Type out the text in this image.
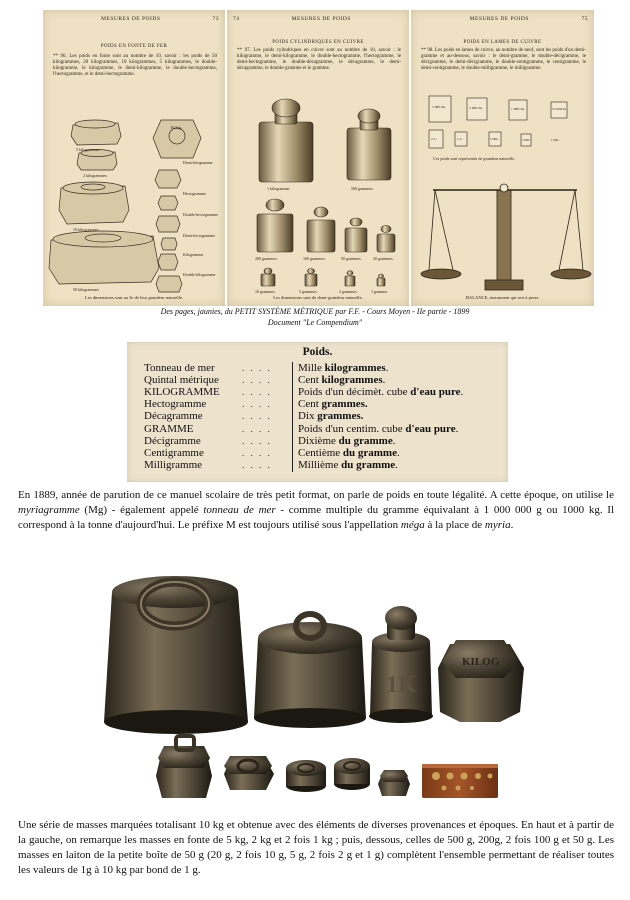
MESURES DE POIDS	73
POIDS EN FONTE DE FER
** 96. Les poids en fonte sont au nombre de 10, savoir : les poids de 50 kilogrammes, 20 kilogrammes, 10 kilogrammes, 5 kilogrammes, le double-kilogramme, le kilogramme, le demi-kilogramme, le double-hectogramme, l'hectogramme, et le demi-hectogramme.
5 kilogrammes
2 kilogrammes
10 kilogrammes
50 kilogrammes
Kilog.
Demi-kilogramme
Hectogramme
Double-hectogramme
Demi-hectogramme
Kilogramme
Double-kilogramme
Les dimensions sont au 5e de leur grandeur naturelle.
74	MESURES DE POIDS
POIDS CYLINDRIQUES EN CUIVRE
** 97. Les poids cylindriques en cuivre sont au nombre de 10, savoir : le kilogramme, le demi-kilogramme, le double-hectogramme, l'hectogramme, le demi-hectogramme, le double-décagramme, le décagramme, le demi-décagramme, le double-gramme et le gramme.
1 kilogramme.	500 grammes.
200 grammes.	100 grammes.	50 grammes.	20 grammes.
10 grammes.	5 grammes.	2 grammes.	1 gramme.
Les dimensions sont de demi-grandeur naturelle.
MESURES DE POIDS	75
POIDS EN LAMES DE CUIVRE
** 98. Les poids en lames de cuivre, au nombre de neuf, sont les poids d'un demi-gramme et au-dessous, savoir : le demi-gramme, le double-décigramme, le décigramme, le demi-décigramme, le double-centigramme, le centigramme, le demi-centigramme, le double-milligramme, le milligramme.
5 DÉCIG.	2 DÉCIG.	1 DÉCIG.	5 CENTIG.
2 C.	1 C.	5 MIL.	2 MIL.	1 MIL.
Ces poids sont représentés de grandeur naturelle.
BALANCE, instrument qui sert à peser.
Des pages, jaunies, du PETIT SYSTÈME MÉTRIQUE par F.F. - Cours Moyen - IIe partie - 1899
Document "Le Compendium"
Poids.
Tonneau de mer	. . . .	Mille kilogrammes.
Quintal métrique	. . . .	Cent kilogrammes.
KILOGRAMME	. . . .	Poids d'un décimèt. cube d'eau pure.
Hectogramme	. . . .	Cent grammes.
Décagramme	. . . .	Dix grammes.
GRAMME	. . . .	Poids d'un centim. cube d'eau pure.
Décigramme	. . . .	Dixième du gramme.
Centigramme	. . . .	Centième du gramme.
Milligramme	. . . .	Millième du gramme.

En 1889, année de parution de ce manuel scolaire de très petit format, on parle de poids en toute légalité. A cette époque, on utilise le myriagramme (Mg) - également appelé tonneau de mer - comme multiple du gramme équivalant à 1 000 000 g ou 1000 kg. Il correspond à la tonne d'aujourd'hui. Le préfixe M est toujours utilisé sous l'appellation méga à la place de myria.

1K
KILOG

Une série de masses marquées totalisant 10 kg et obtenue avec des éléments de diverses provenances et époques. En haut et à partir de la gauche, on remarque les masses en fonte de 5 kg, 2 kg et 2 fois 1 kg ; puis, dessous, celles de 500 g, 200g, 2 fois 100 g et 50 g. Les masses en laiton de la petite boîte de 50 g (20 g, 2 fois 10 g, 5 g, 2 fois 2 g et 1 g) complètent l'ensemble permettant de réaliser toutes les valeurs de 1g à 10 kg par bond de 1 g.
